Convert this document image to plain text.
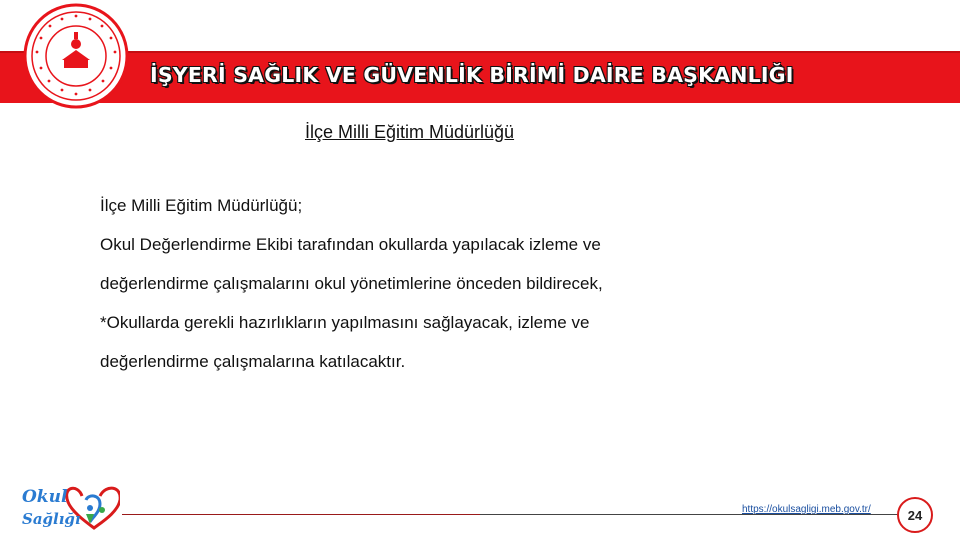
İŞYERİ SAĞLIK VE GÜVENLİK BİRİMİ DAİRE BAŞKANLIĞI
İlçe Milli Eğitim Müdürlüğü

İlçe Milli Eğitim Müdürlüğü;

Okul Değerlendirme Ekibi tarafından okullarda yapılacak izleme ve

değerlendirme çalışmalarını okul yönetimlerine önceden bildirecek,

*Okullarda gerekli hazırlıkların yapılmasını sağlayacak, izleme ve

değerlendirme çalışmalarına katılacaktır.

Okul
Sağlığı
https://okulsagligi.meb.gov.tr/	24
